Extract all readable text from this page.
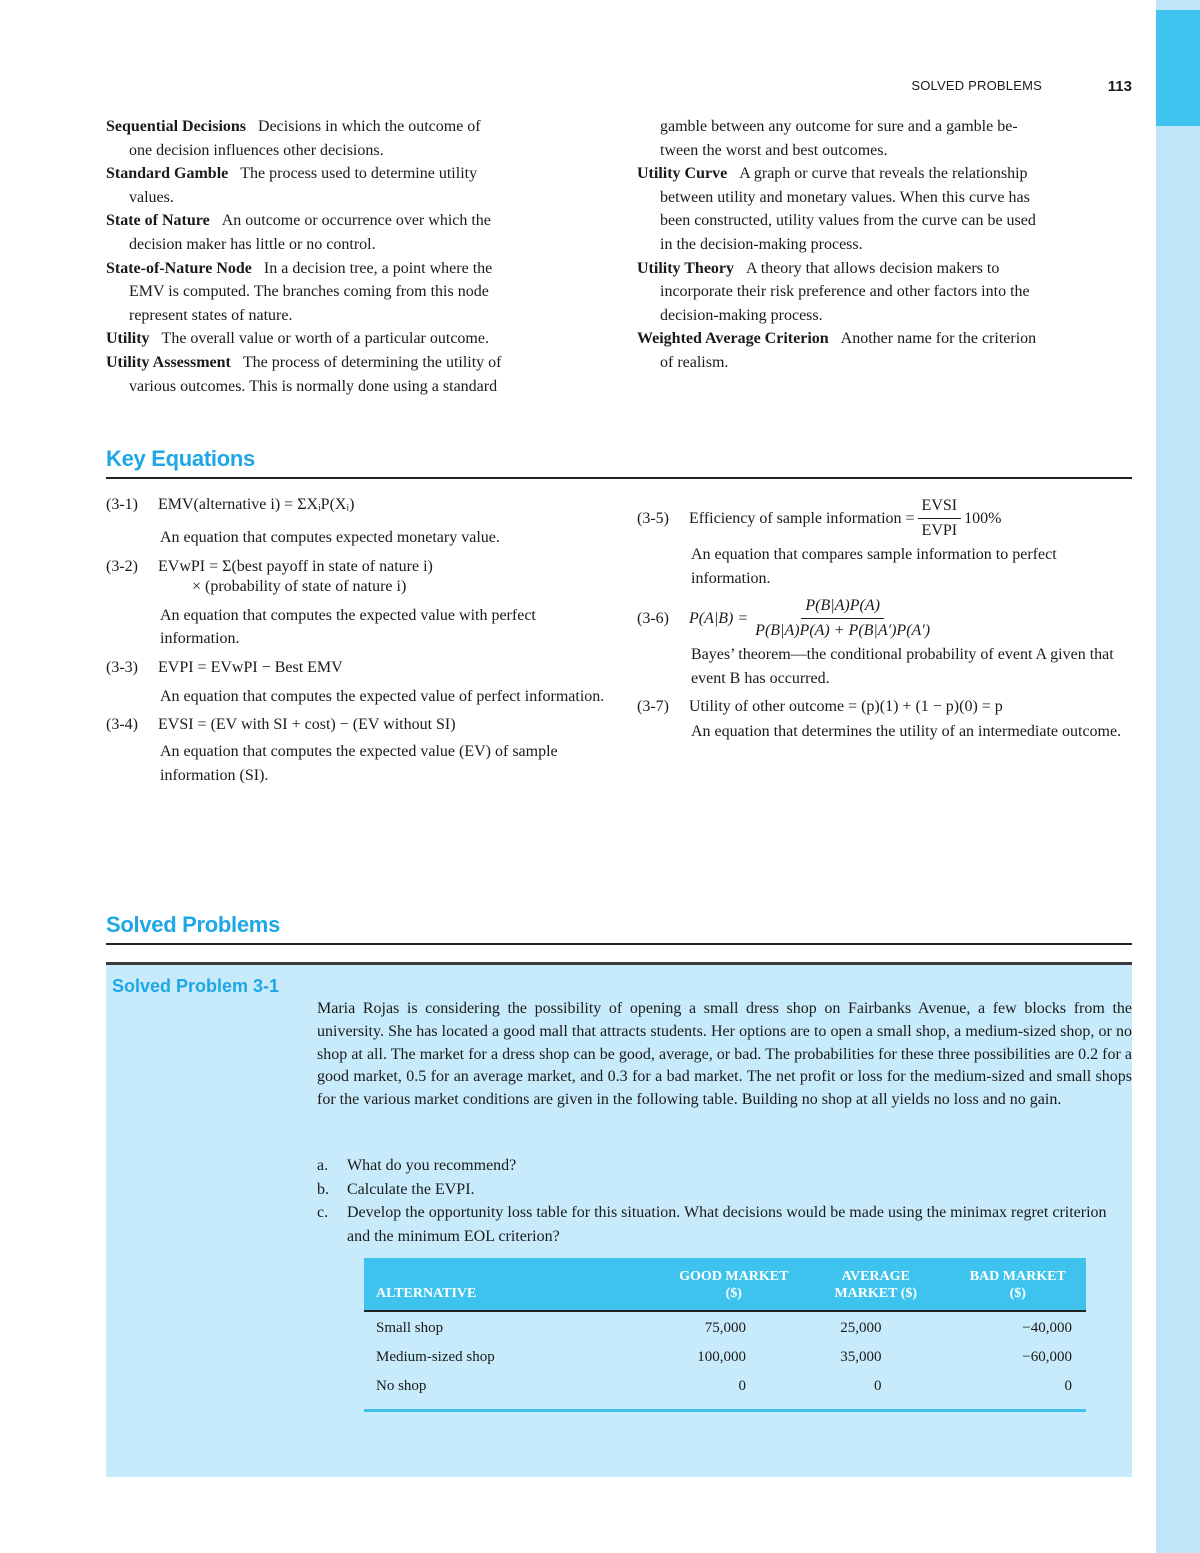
SOLVED PROBLEMS	113
Sequential Decisions Decisions in which the outcome of
one decision influences other decisions.
Standard Gamble The process used to determine utility
values.
State of Nature An outcome or occurrence over which the
decision maker has little or no control.
State-of-Nature Node In a decision tree, a point where the
EMV is computed. The branches coming from this node
represent states of nature.
Utility The overall value or worth of a particular outcome.
Utility Assessment The process of determining the utility of
various outcomes. This is normally done using a standard
gamble between any outcome for sure and a gamble be-
tween the worst and best outcomes.
Utility Curve A graph or curve that reveals the relationship
between utility and monetary values. When this curve has
been constructed, utility values from the curve can be used
in the decision-making process.
Utility Theory A theory that allows decision makers to
incorporate their risk preference and other factors into the
decision-making process.
Weighted Average Criterion Another name for the criterion
of realism.
Key Equations
(3-1)	EMV(alternative i) = ΣXᵢP(Xᵢ)
An equation that computes expected monetary value.
(3-2)	EVwPI = Σ(best payoff in state of nature i)
× (probability of state of nature i)
An equation that computes the expected value with perfect information.
(3-3)	EVPI = EVwPI − Best EMV
An equation that computes the expected value of perfect information.
(3-4)	EVSI = (EV with SI + cost) − (EV without SI)
An equation that computes the expected value (EV) of sample information (SI).
(3-5)	Efficiency of sample information = $\frac{\text{EVSI}}{\text{EVPI}} 100\%$
An equation that compares sample information to perfect information.
(3-6)	$P(A|B) = \frac{P(B|A)P(A)}{P(B|A)P(A) + P(B|A')P(A')}$
Bayes’ theorem—the conditional probability of event A given that event B has occurred.
(3-7)	Utility of other outcome = (p)(1) + (1 − p)(0) = p
An equation that determines the utility of an intermediate outcome.
Solved Problems
Solved Problem 3-1
Maria Rojas is considering the possibility of opening a small dress shop on Fairbanks Avenue, a few blocks from the university. She has located a good mall that attracts students. Her options are to open a small shop, a medium-sized shop, or no shop at all. The market for a dress shop can be good, average, or bad. The probabilities for these three possibilities are 0.2 for a good market, 0.5 for an average market, and 0.3 for a bad market. The net profit or loss for the medium-sized and small shops for the various market conditions are given in the following table. Building no shop at all yields no loss and no gain.
a.	What do you recommend?
b.	Calculate the EVPI.
c.	Develop the opportunity loss table for this situation. What decisions would be made using the minimax regret criterion and the minimum EOL criterion?
ALTERNATIVE	GOOD MARKET ($)	AVERAGE MARKET ($)	BAD MARKET ($)
Small shop	75,000	25,000	−40,000
Medium-sized shop	100,000	35,000	−60,000
No shop	0	0	0
